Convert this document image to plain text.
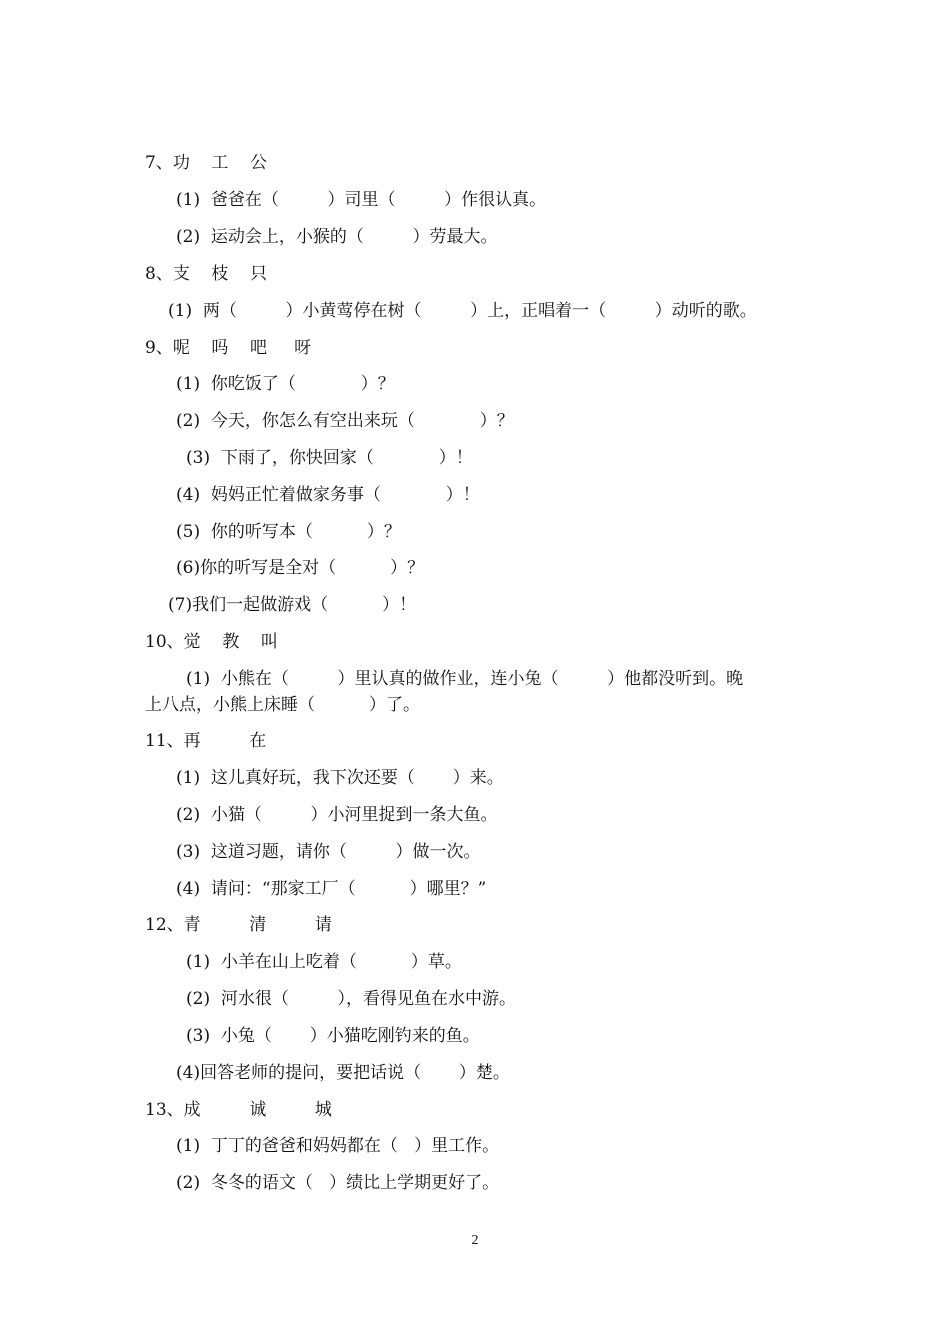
7、功    工    公
(1)  爸爸在（         ）司里（         ）作很认真。
(2)  运动会上，小猴的（         ）劳最大。
8、支    枝    只
(1)  两（         ）小黄莺停在树（         ）上，正唱着一（         ）动听的歌。
9、呢    吗    吧     呀
(1)  你吃饭了（            ）？
(2)  今天，你怎么有空出来玩（            ）？
(3)  下雨了，你快回家（            ）！
(4)  妈妈正忙着做家务事（            ）！
(5)  你的听写本（          ）？
(6)你的听写是全对（          ）？
(7)我们一起做游戏（          ）！
10、觉    教    叫
(1)  小熊在（         ）里认真的做作业，连小兔（         ）他都没听到。晚
上八点，小熊上床睡（          ）了。
11、再         在
(1)  这儿真好玩，我下次还要（       ）来。
(2)  小猫（         ）小河里捉到一条大鱼。
(3)  这道习题，请你（         ）做一次。
(4)  请问：“那家工厂（          ）哪里？”
12、青         清         请
(1)  小羊在山上吃着（          ）草。
(2)  河水很（         ），看得见鱼在水中游。
(3)  小兔（       ）小猫吃刚钓来的鱼。
(4)回答老师的提问，要把话说（       ）楚。
13、成         诚         城
(1)  丁丁的爸爸和妈妈都在（   ）里工作。
(2)  冬冬的语文（   ）绩比上学期更好了。
2
